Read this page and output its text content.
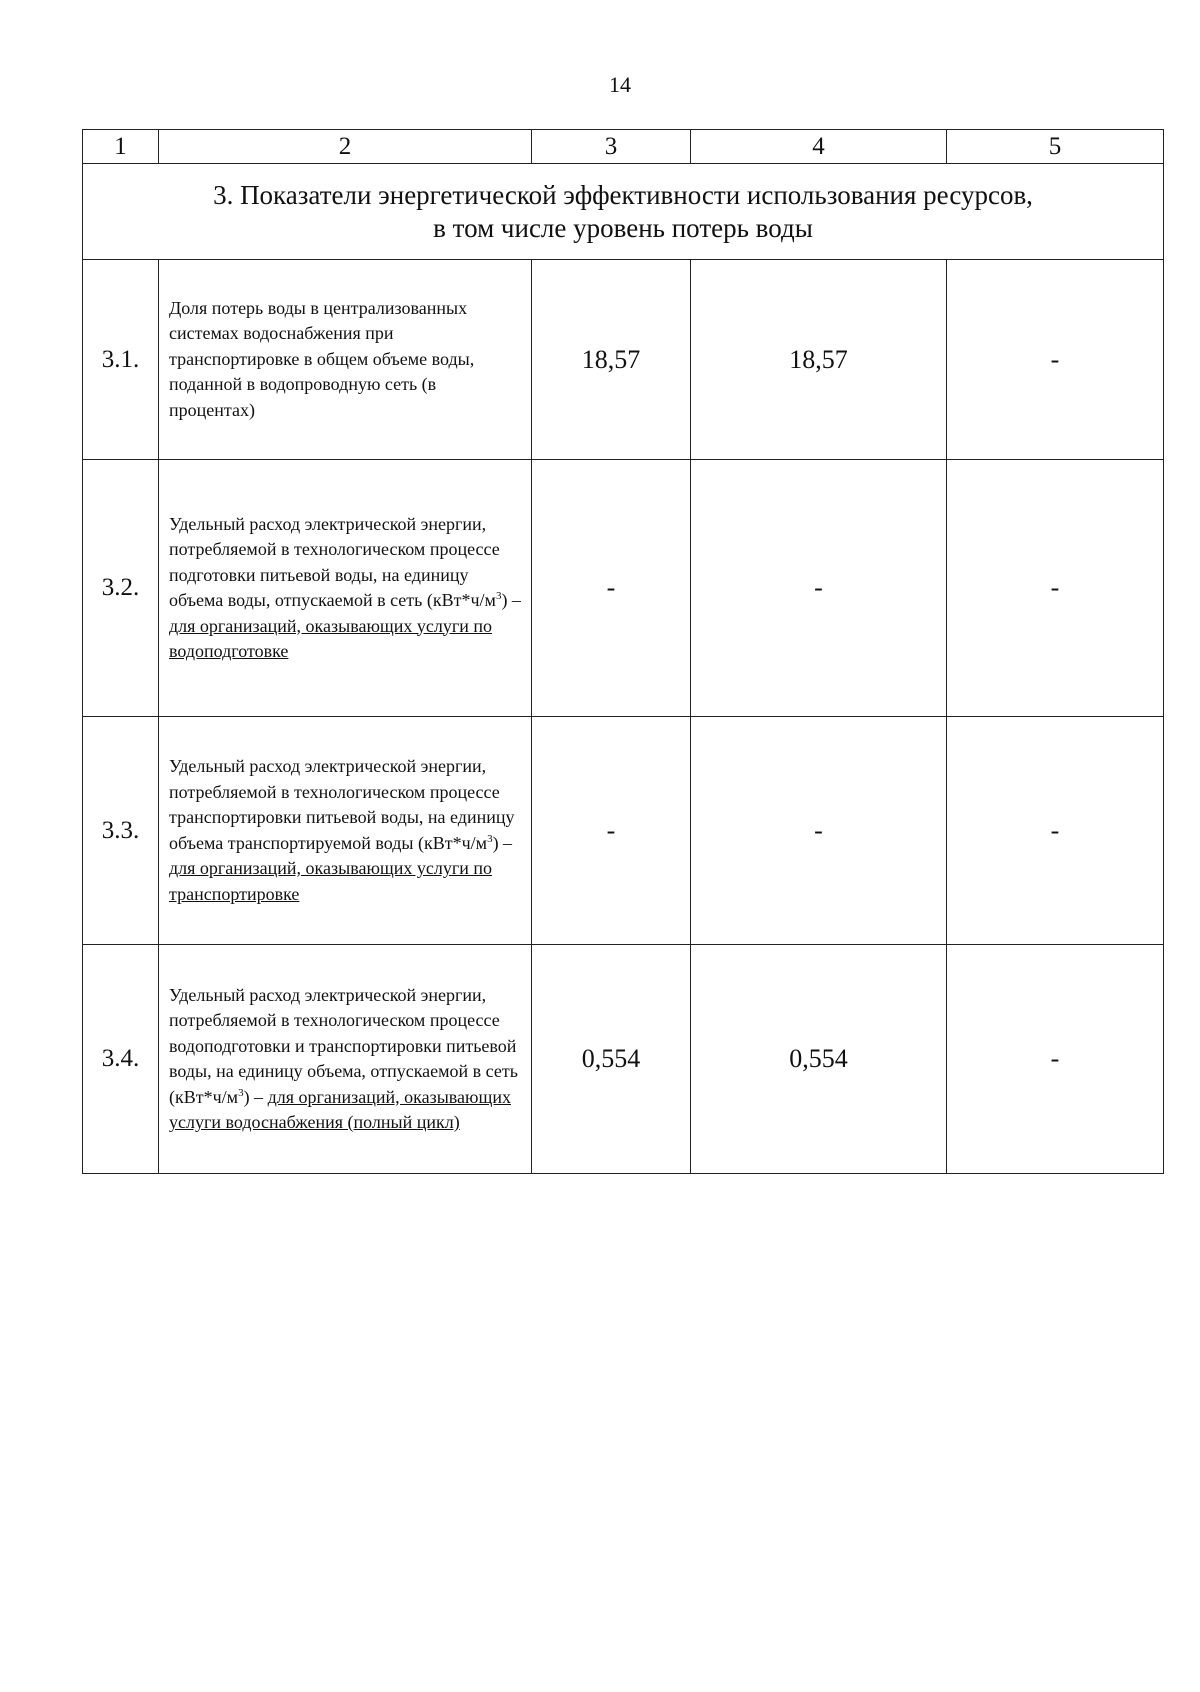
14
1	2	3	4	5
3. Показатели энергетической эффективности использования ресурсов,
в том числе уровень потерь воды				
3.1.	Доля потерь воды в централизованных системах водоснабжения при транспортировке в общем объеме воды, поданной в водопроводную сеть (в процентах)	18,57	18,57	-
3.2.	Удельный расход электрической энергии, потребляемой в технологическом процессе подготовки питьевой воды, на единицу объема воды, отпускаемой в сеть $(кВт*ч/м^3)$ – для организаций, оказывающих услуги по водоподготовке	-	-	-
3.3.	Удельный расход электрической энергии, потребляемой в технологическом процессе транспортировки питьевой воды, на единицу объема транспортируемой воды $(кВт*ч/м^3)$ – для организаций, оказывающих услуги по транспортировке	-	-	-
3.4.	Удельный расход электрической энергии, потребляемой в технологическом процессе водоподготовки и транспортировки питьевой воды, на единицу объема, отпускаемой в сеть $(кВт*ч/м^3)$ – для организаций, оказывающих услуги водоснабжения (полный цикл)	0,554	0,554	-
